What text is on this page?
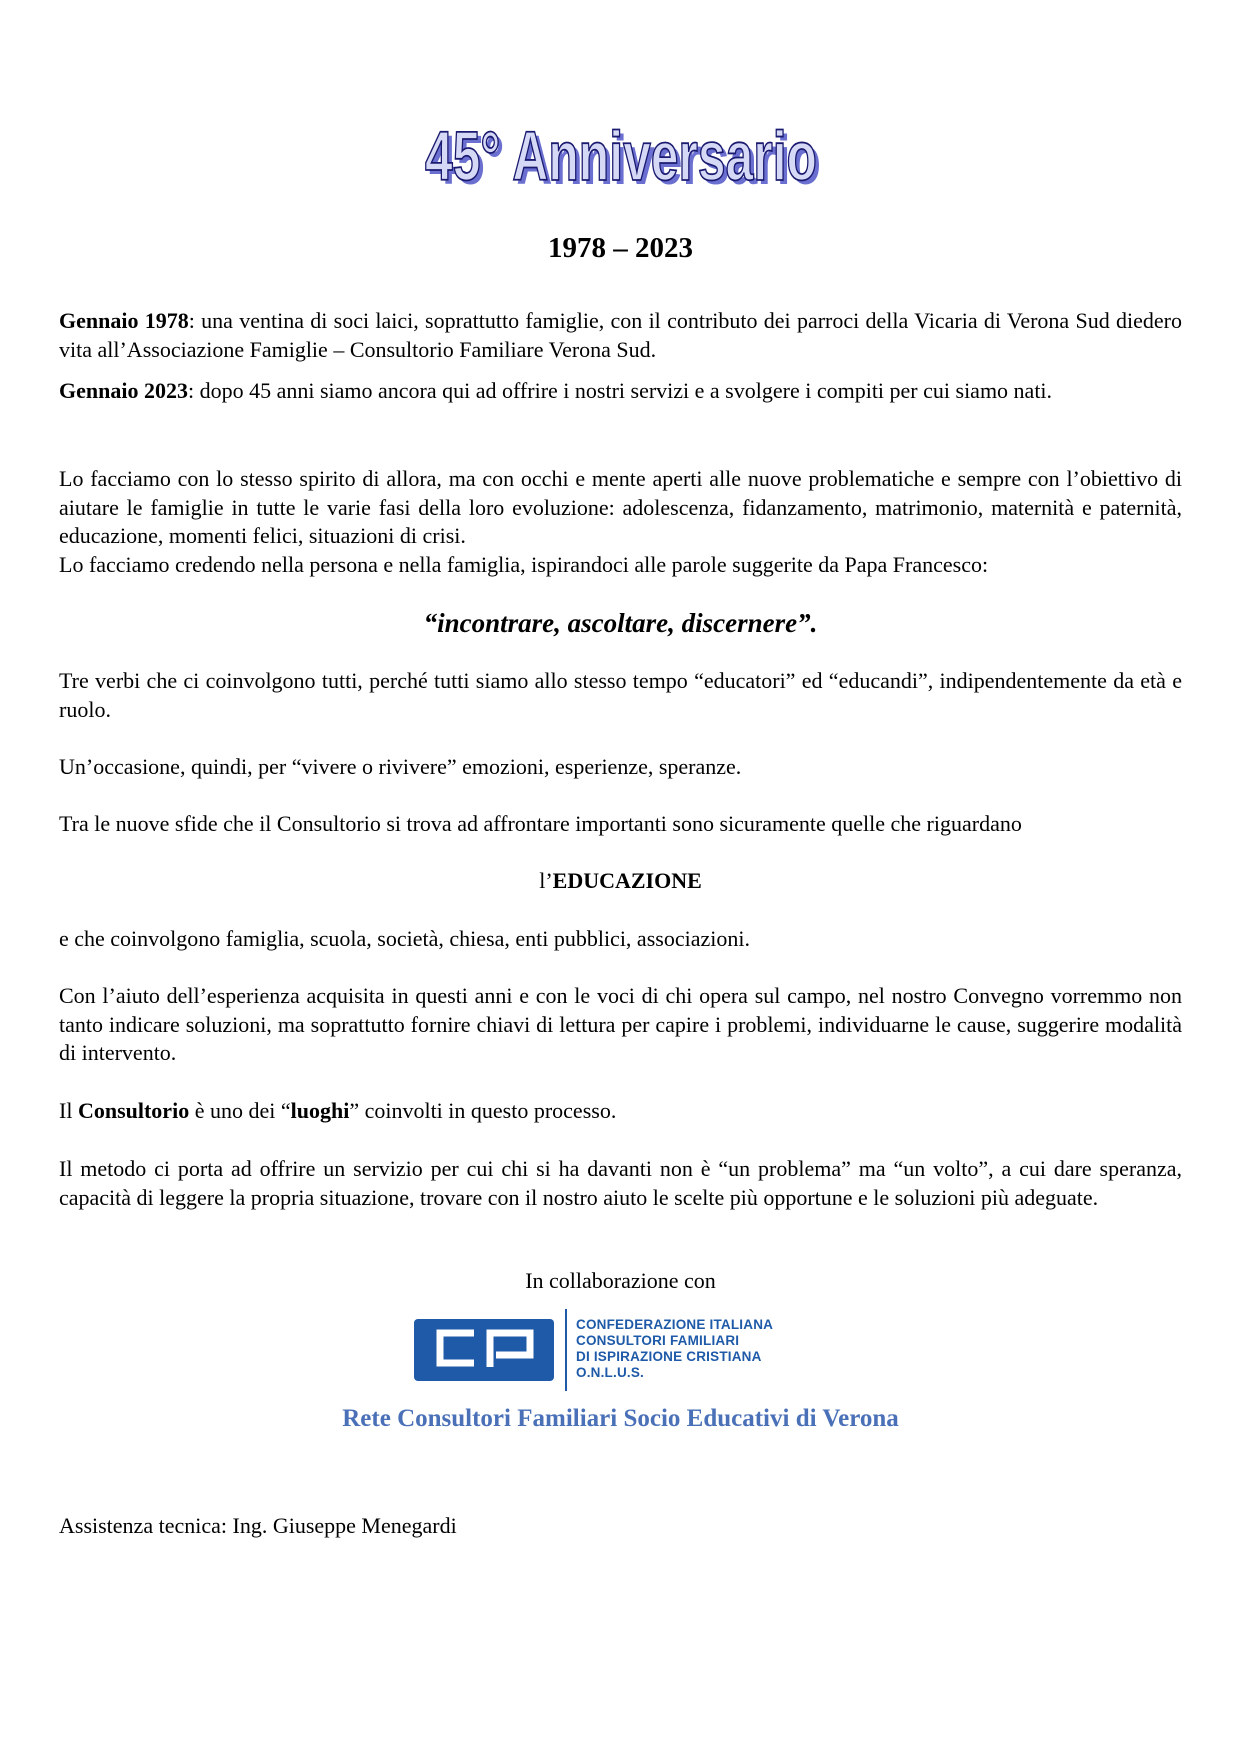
45° Anniversario
45° Anniversario
1978 – 2023
Gennaio 1978: una ventina di soci laici, soprattutto famiglie, con il contributo dei parroci della Vicaria di Verona Sud diedero vita all’Associazione Famiglie – Consultorio Familiare Verona Sud.
Gennaio 2023: dopo 45 anni siamo ancora qui ad offrire i nostri servizi e a svolgere i compiti per cui siamo nati.
Lo facciamo con lo stesso spirito di allora, ma con occhi e mente aperti alle nuove problematiche e sempre con l’obiettivo di aiutare le famiglie in tutte le varie fasi della loro evoluzione: adolescenza, fidanzamento, matrimonio, maternità e paternità, educazione, momenti felici, situazioni di crisi.
Lo facciamo credendo nella persona e nella famiglia, ispirandoci alle parole suggerite da Papa Francesco:
“incontrare, ascoltare, discernere”.
Tre verbi che ci coinvolgono tutti, perché tutti siamo allo stesso tempo “educatori” ed “educandi”, indipendentemente da età e ruolo.
Un’occasione, quindi, per “vivere o rivivere” emozioni, esperienze, speranze.
Tra le nuove sfide che il Consultorio si trova ad affrontare importanti sono sicuramente quelle che riguardano
l’EDUCAZIONE
e che coinvolgono famiglia, scuola, società, chiesa, enti pubblici, associazioni.
Con l’aiuto dell’esperienza acquisita in questi anni e con le voci di chi opera sul campo, nel nostro Convegno vorremmo non tanto indicare soluzioni, ma soprattutto fornire chiavi di lettura per capire i problemi, individuarne le cause, suggerire modalità di intervento.
Il Consultorio è uno dei “luoghi” coinvolti in questo processo.
Il metodo ci porta ad offrire un servizio per cui chi si ha davanti non è “un problema” ma “un volto”, a cui dare speranza, capacità di leggere la propria situazione, trovare con il nostro aiuto le scelte più opportune e le soluzioni più adeguate.
In collaborazione con
CONFEDERAZIONE ITALIANA
CONSULTORI FAMILIARI
DI ISPIRAZIONE CRISTIANA
O.N.L.U.S.
Rete Consultori Familiari Socio Educativi di Verona
Assistenza tecnica: Ing. Giuseppe Menegardi
